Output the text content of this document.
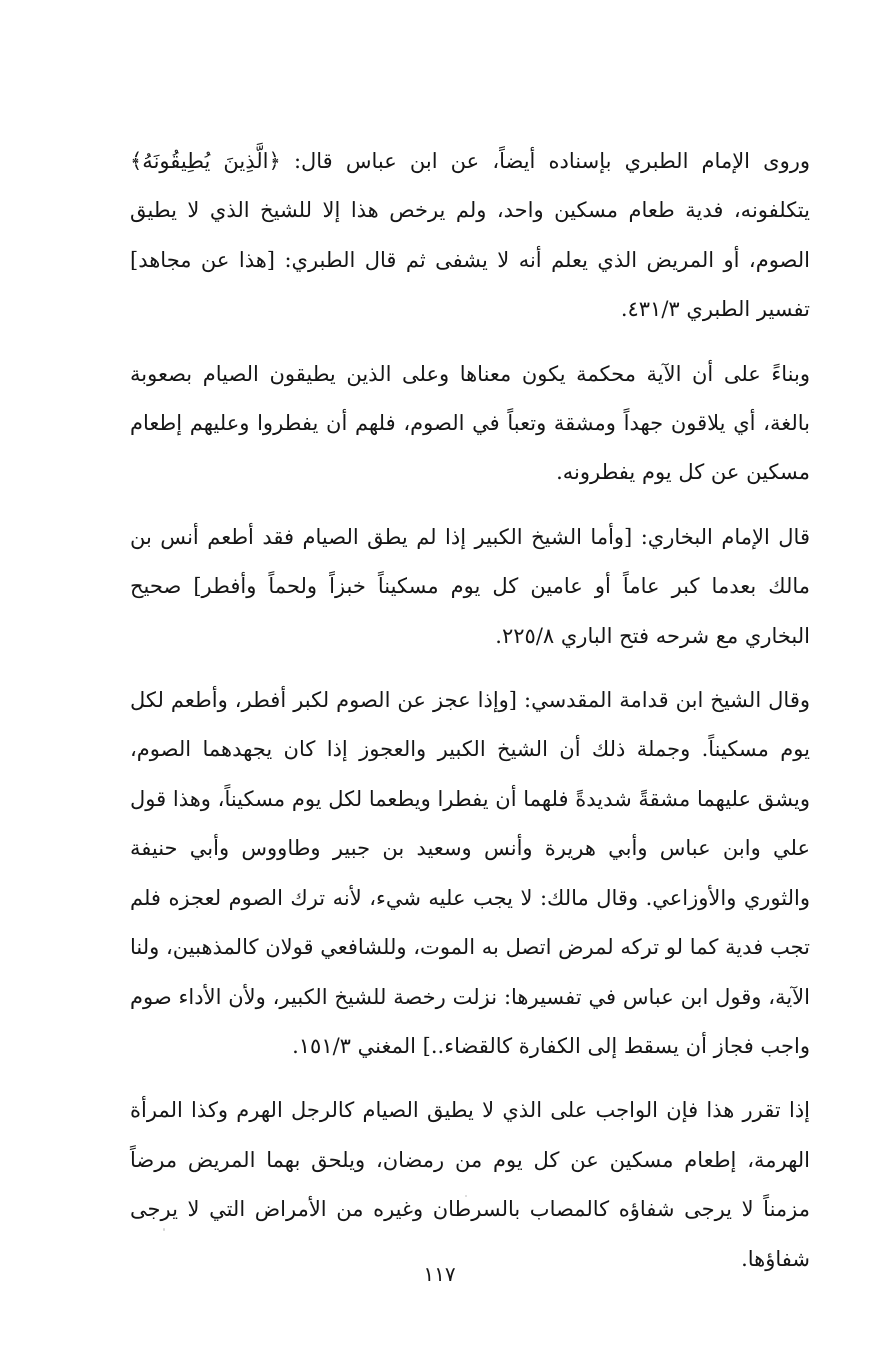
وروى الإمام الطبري بإسناده أيضاً، عن ابن عباس قال: ﴿الَّذِينَ يُطِيقُونَهُ﴾ يتكلفونه، فدية طعام مسكين واحد، ولم يرخص هذا إلا للشيخ الذي لا يطيق الصوم، أو المريض الذي يعلم أنه لا يشفى ثم قال الطبري: [هذا عن مجاهد] تفسير الطبري ٤٣١/٣.

وبناءً على أن الآية محكمة يكون معناها وعلى الذين يطيقون الصيام بصعوبة بالغة، أي يلاقون جهداً ومشقة وتعباً في الصوم، فلهم أن يفطروا وعليهم إطعام مسكين عن كل يوم يفطرونه.

قال الإمام البخاري: [وأما الشيخ الكبير إذا لم يطق الصيام فقد أطعم أنس بن مالك بعدما كبر عاماً أو عامين كل يوم مسكيناً خبزاً ولحماً وأفطر] صحيح البخاري مع شرحه فتح الباري ٢٢٥/٨.

وقال الشيخ ابن قدامة المقدسي: [وإذا عجز عن الصوم لكبر أفطر، وأطعم لكل يوم مسكيناً. وجملة ذلك أن الشيخ الكبير والعجوز إذا كان يجهدهما الصوم، ويشق عليهما مشقةً شديدةً فلهما أن يفطرا ويطعما لكل يوم مسكيناً، وهذا قول علي وابن عباس وأبي هريرة وأنس وسعيد بن جبير وطاووس وأبي حنيفة والثوري والأوزاعي. وقال مالك: لا يجب عليه شيء، لأنه ترك الصوم لعجزه فلم تجب فدية كما لو تركه لمرض اتصل به الموت، وللشافعي قولان كالمذهبين، ولنا الآية، وقول ابن عباس في تفسيرها: نزلت رخصة للشيخ الكبير، ولأن الأداء صوم واجب فجاز أن يسقط إلى الكفارة كالقضاء..] المغني ١٥١/٣.

إذا تقرر هذا فإن الواجب على الذي لا يطيق الصيام كالرجل الهرم وكذا المرأة الهرمة، إطعام مسكين عن كل يوم من رمضان، ويلحق بهما المريض مرضاً مزمناً لا يرجى شفاؤه كالمصاب بالسرطان وغيره من الأمراض التي لا يرجى شفاؤها.

١١٧
